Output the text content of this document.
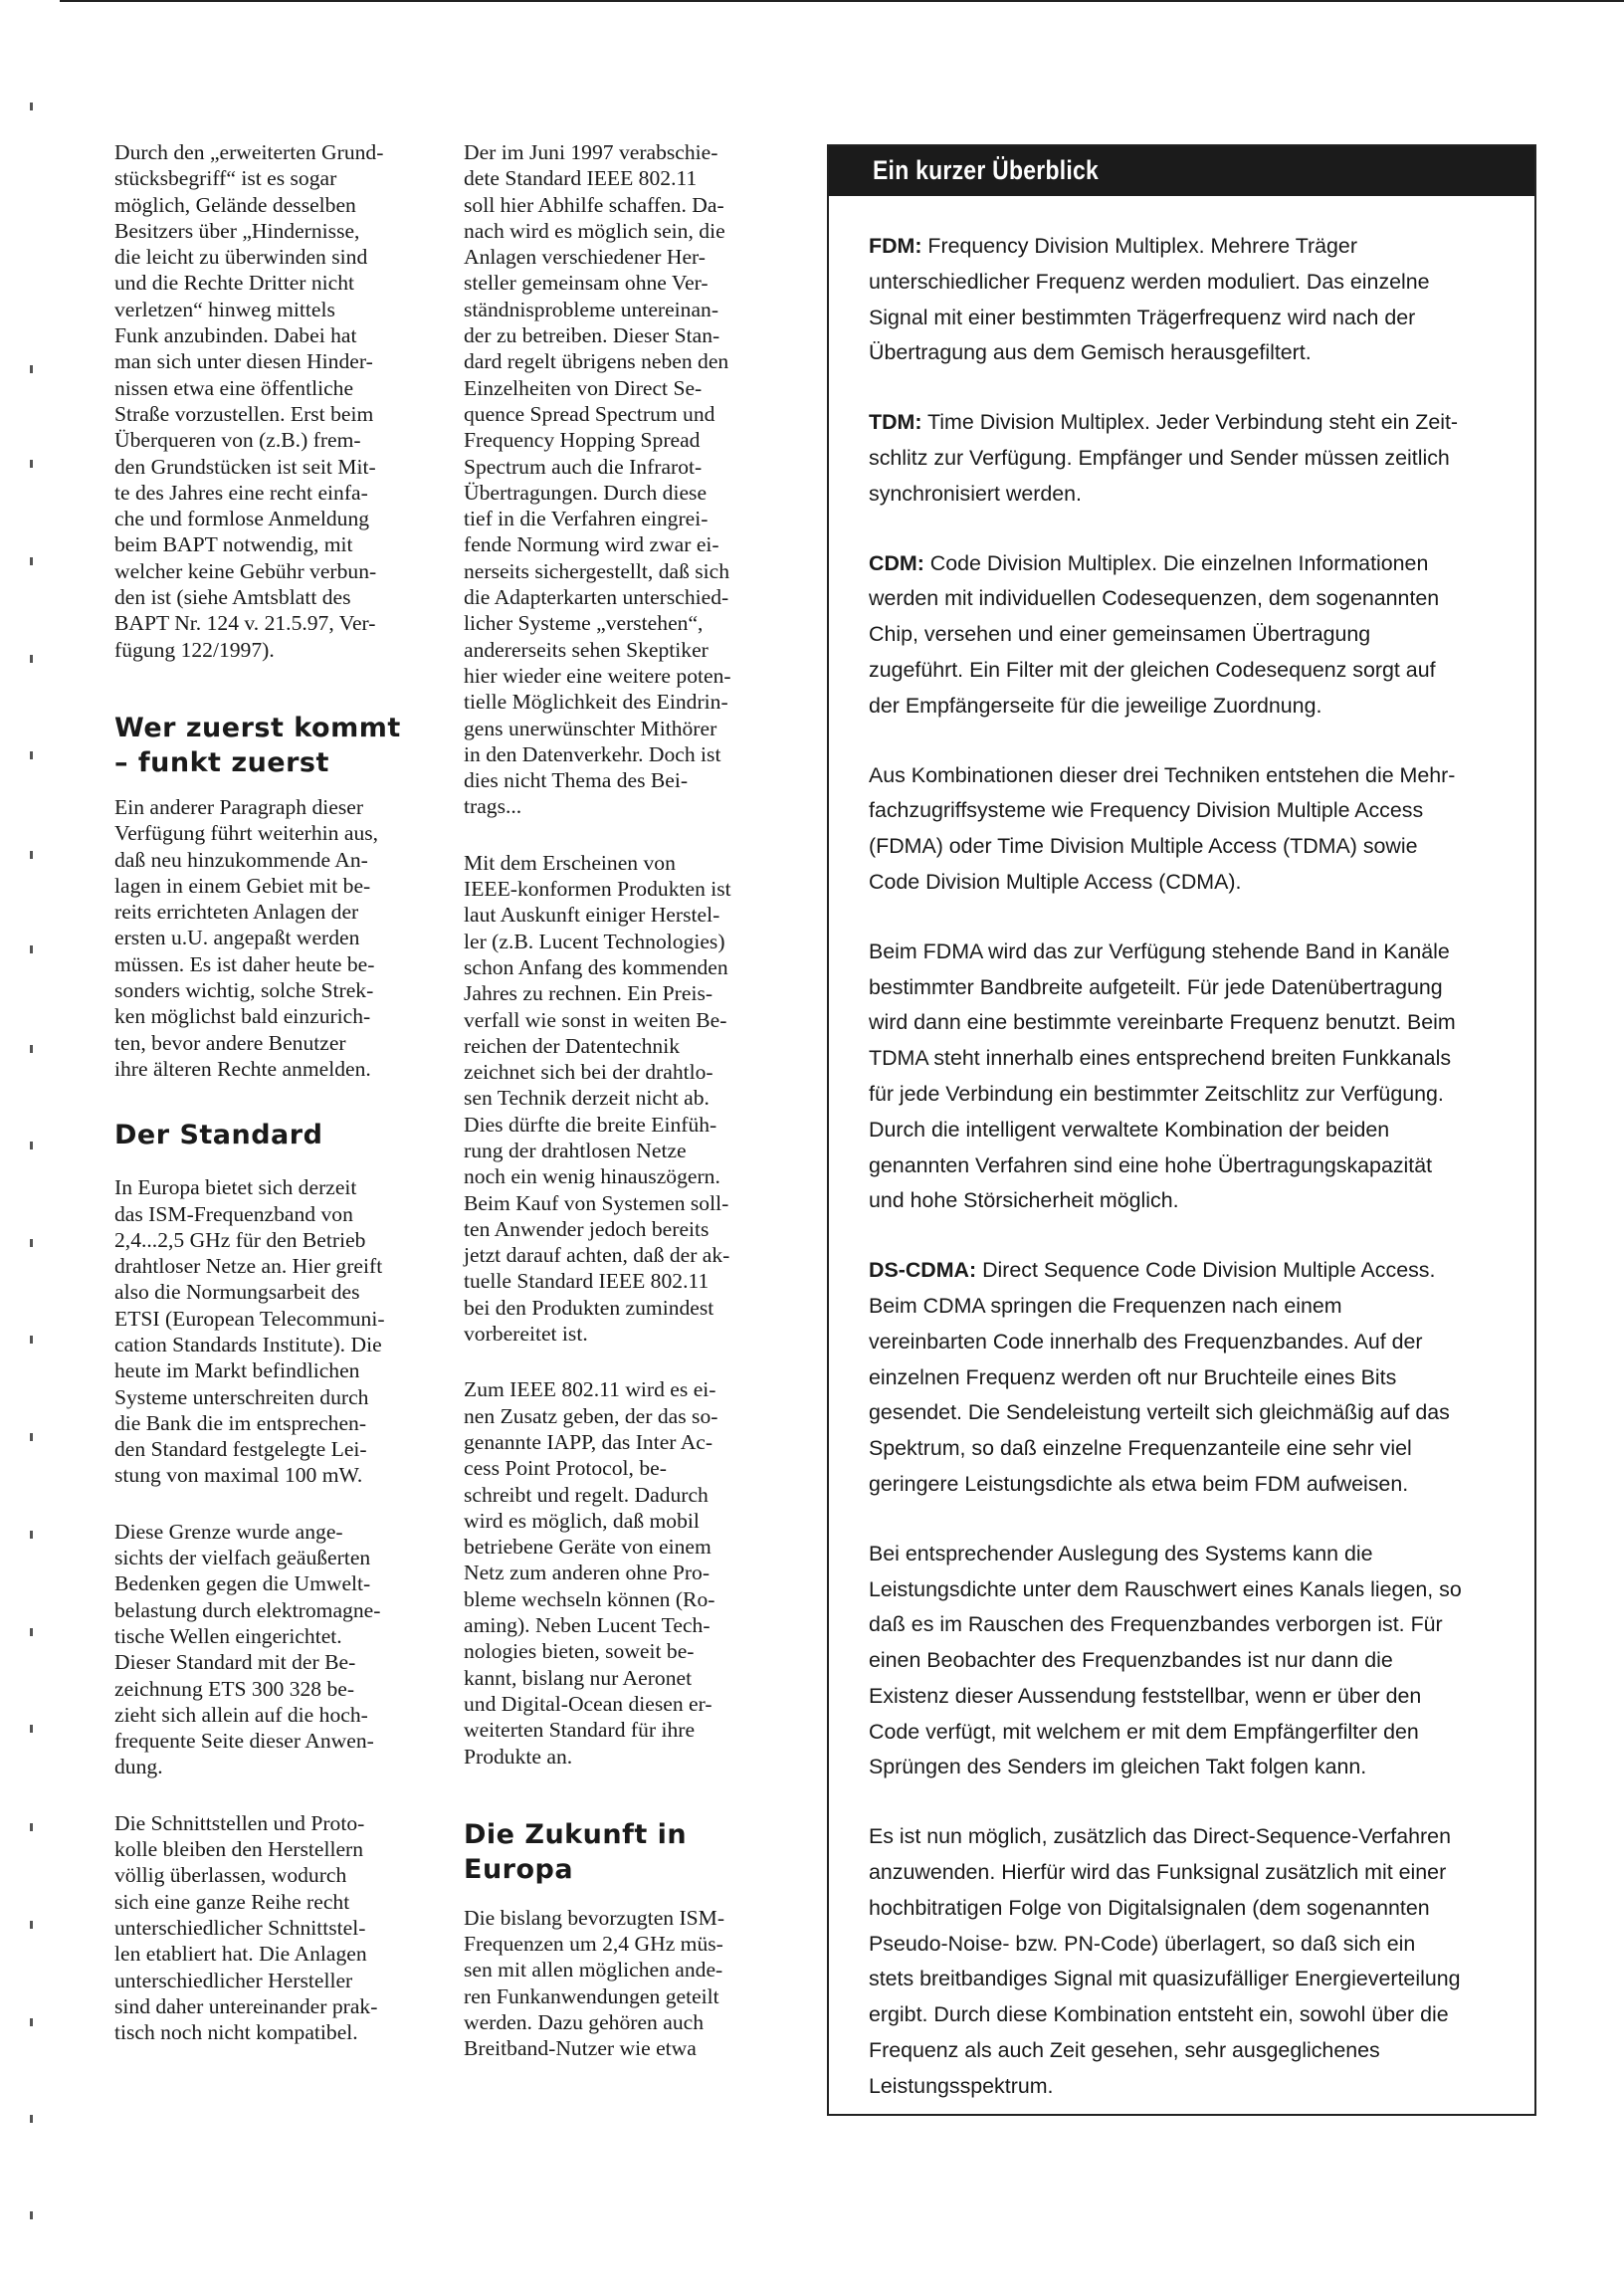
Durch den „erweiterten Grund-
stücksbegriff“ ist es sogar
möglich, Gelände desselben
Besitzers über „Hindernisse,
die leicht zu überwinden sind
und die Rechte Dritter nicht
verletzen“ hinweg mittels
Funk anzubinden. Dabei hat
man sich unter diesen Hinder-
nissen etwa eine öffentliche
Straße vorzustellen. Erst beim
Überqueren von (z.B.) frem-
den Grundstücken ist seit Mit-
te des Jahres eine recht einfa-
che und formlose Anmeldung
beim BAPT notwendig, mit
welcher keine Gebühr verbun-
den ist (siehe Amtsblatt des
BAPT Nr. 124 v. 21.5.97, Ver-
fügung 122/1997).

Wer zuerst kommt
– funkt zuerst

Ein anderer Paragraph dieser
Verfügung führt weiterhin aus,
daß neu hinzukommende An-
lagen in einem Gebiet mit be-
reits errichteten Anlagen der
ersten u.U. angepaßt werden
müssen. Es ist daher heute be-
sonders wichtig, solche Strek-
ken möglichst bald einzurich-
ten, bevor andere Benutzer
ihre älteren Rechte anmelden.

Der Standard

In Europa bietet sich derzeit
das ISM-Frequenzband von
2,4...2,5 GHz für den Betrieb
drahtloser Netze an. Hier greift
also die Normungsarbeit des
ETSI (European Telecommuni-
cation Standards Institute). Die
heute im Markt befindlichen
Systeme unterschreiten durch
die Bank die im entsprechen-
den Standard festgelegte Lei-
stung von maximal 100 mW.

Diese Grenze wurde ange-
sichts der vielfach geäußerten
Bedenken gegen die Umwelt-
belastung durch elektromagne-
tische Wellen eingerichtet.
Dieser Standard mit der Be-
zeichnung ETS 300 328 be-
zieht sich allein auf die hoch-
frequente Seite dieser Anwen-
dung.

Die Schnittstellen und Proto-
kolle bleiben den Herstellern
völlig überlassen, wodurch
sich eine ganze Reihe recht
unterschiedlicher Schnittstel-
len etabliert hat. Die Anlagen
unterschiedlicher Hersteller
sind daher untereinander prak-
tisch noch nicht kompatibel.

Der im Juni 1997 verabschie-
dete Standard IEEE 802.11
soll hier Abhilfe schaffen. Da-
nach wird es möglich sein, die
Anlagen verschiedener Her-
steller gemeinsam ohne Ver-
ständnisprobleme untereinan-
der zu betreiben. Dieser Stan-
dard regelt übrigens neben den
Einzelheiten von Direct Se-
quence Spread Spectrum und
Frequency Hopping Spread
Spectrum auch die Infrarot-
Übertragungen. Durch diese
tief in die Verfahren eingrei-
fende Normung wird zwar ei-
nerseits sichergestellt, daß sich
die Adapterkarten unterschied-
licher Systeme „verstehen“,
andererseits sehen Skeptiker
hier wieder eine weitere poten-
tielle Möglichkeit des Eindrin-
gens unerwünschter Mithörer
in den Datenverkehr. Doch ist
dies nicht Thema des Bei-
trags...

Mit dem Erscheinen von
IEEE-konformen Produkten ist
laut Auskunft einiger Herstel-
ler (z.B. Lucent Technologies)
schon Anfang des kommenden
Jahres zu rechnen. Ein Preis-
verfall wie sonst in weiten Be-
reichen der Datentechnik
zeichnet sich bei der drahtlo-
sen Technik derzeit nicht ab.
Dies dürfte die breite Einfüh-
rung der drahtlosen Netze
noch ein wenig hinauszögern.
Beim Kauf von Systemen soll-
ten Anwender jedoch bereits
jetzt darauf achten, daß der ak-
tuelle Standard IEEE 802.11
bei den Produkten zumindest
vorbereitet ist.

Zum IEEE 802.11 wird es ei-
nen Zusatz geben, der das so-
genannte IAPP, das Inter Ac-
cess Point Protocol, be-
schreibt und regelt. Dadurch
wird es möglich, daß mobil
betriebene Geräte von einem
Netz zum anderen ohne Pro-
bleme wechseln können (Ro-
aming). Neben Lucent Tech-
nologies bieten, soweit be-
kannt, bislang nur Aeronet
und Digital-Ocean diesen er-
weiterten Standard für ihre
Produkte an.

Die Zukunft in
Europa

Die bislang bevorzugten ISM-
Frequenzen um 2,4 GHz müs-
sen mit allen möglichen ande-
ren Funkanwendungen geteilt
werden. Dazu gehören auch
Breitband-Nutzer wie etwa

Ein kurzer Überblick

FDM: Frequency Division Multiplex. Mehrere Träger
unterschiedlicher Frequenz werden moduliert. Das einzelne
Signal mit einer bestimmten Trägerfrequenz wird nach der
Übertragung aus dem Gemisch herausgefiltert.

TDM: Time Division Multiplex. Jeder Verbindung steht ein Zeit-
schlitz zur Verfügung. Empfänger und Sender müssen zeitlich
synchronisiert werden.

CDM: Code Division Multiplex. Die einzelnen Informationen
werden mit individuellen Codesequenzen, dem sogenannten
Chip, versehen und einer gemeinsamen Übertragung
zugeführt. Ein Filter mit der gleichen Codesequenz sorgt auf
der Empfängerseite für die jeweilige Zuordnung.

Aus Kombinationen dieser drei Techniken entstehen die Mehr-
fachzugriffsysteme wie Frequency Division Multiple Access
(FDMA) oder Time Division Multiple Access (TDMA) sowie
Code Division Multiple Access (CDMA).

Beim FDMA wird das zur Verfügung stehende Band in Kanäle
bestimmter Bandbreite aufgeteilt. Für jede Datenübertragung
wird dann eine bestimmte vereinbarte Frequenz benutzt. Beim
TDMA steht innerhalb eines entsprechend breiten Funkkanals
für jede Verbindung ein bestimmter Zeitschlitz zur Verfügung.
Durch die intelligent verwaltete Kombination der beiden
genannten Verfahren sind eine hohe Übertragungskapazität
und hohe Störsicherheit möglich.

DS-CDMA: Direct Sequence Code Division Multiple Access.
Beim CDMA springen die Frequenzen nach einem
vereinbarten Code innerhalb des Frequenzbandes. Auf der
einzelnen Frequenz werden oft nur Bruchteile eines Bits
gesendet. Die Sendeleistung verteilt sich gleichmäßig auf das
Spektrum, so daß einzelne Frequenzanteile eine sehr viel
geringere Leistungsdichte als etwa beim FDM aufweisen.

Bei entsprechender Auslegung des Systems kann die
Leistungsdichte unter dem Rauschwert eines Kanals liegen, so
daß es im Rauschen des Frequenzbandes verborgen ist. Für
einen Beobachter des Frequenzbandes ist nur dann die
Existenz dieser Aussendung feststellbar, wenn er über den
Code verfügt, mit welchem er mit dem Empfängerfilter den
Sprüngen des Senders im gleichen Takt folgen kann.

Es ist nun möglich, zusätzlich das Direct-Sequence-Verfahren
anzuwenden. Hierfür wird das Funksignal zusätzlich mit einer
hochbitratigen Folge von Digitalsignalen (dem sogenannten
Pseudo-Noise- bzw. PN-Code) überlagert, so daß sich ein
stets breitbandiges Signal mit quasizufälliger Energieverteilung
ergibt. Durch diese Kombination entsteht ein, sowohl über die
Frequenz als auch Zeit gesehen, sehr ausgeglichenes
Leistungsspektrum.
